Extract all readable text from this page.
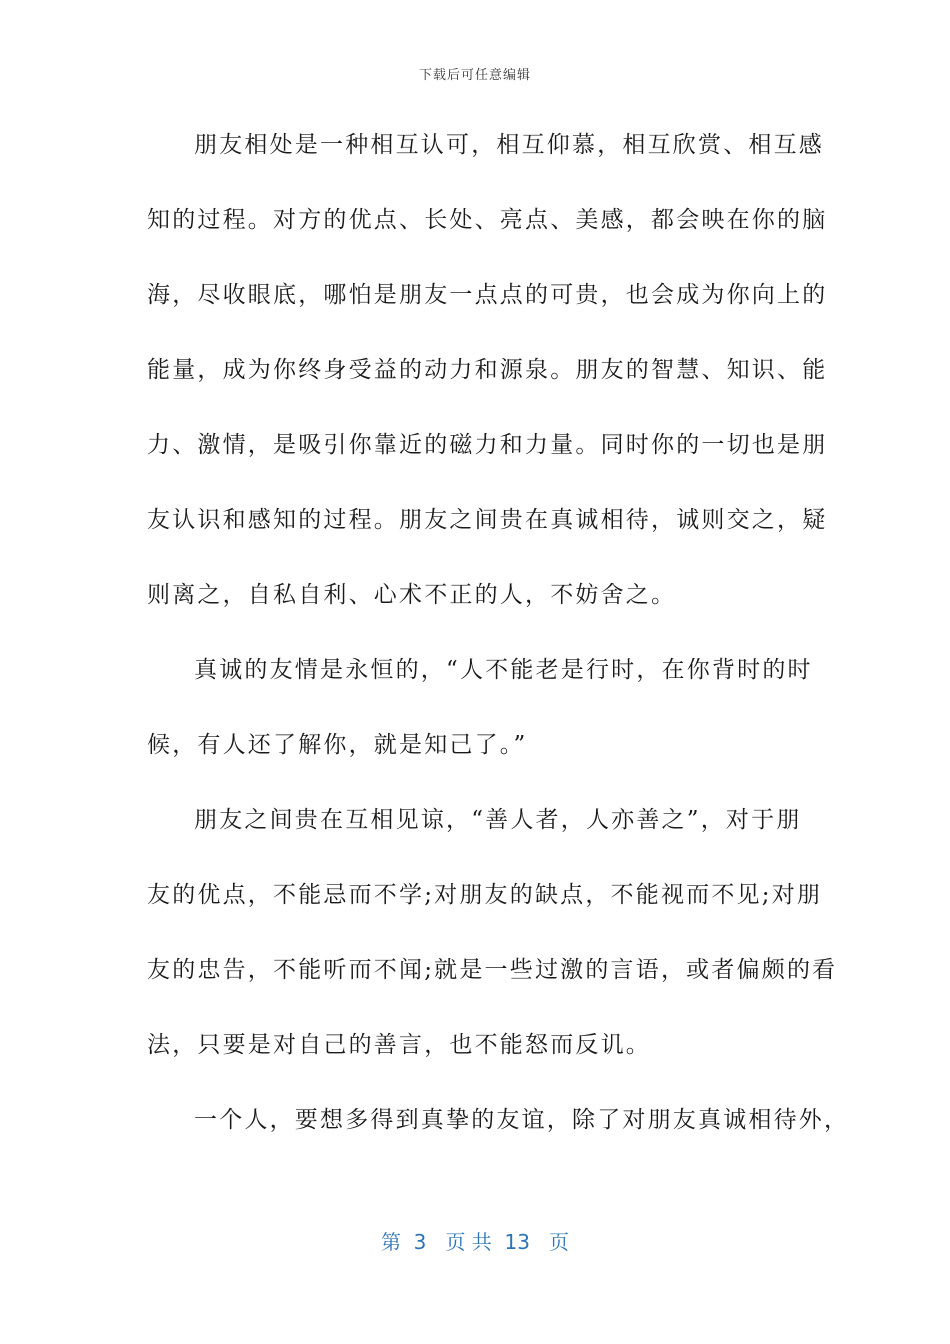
下载后可任意编辑
朋友相处是一种相互认可，相互仰慕，相互欣赏、相互感
知的过程。对方的优点、长处、亮点、美感，都会映在你的脑
海，尽收眼底，哪怕是朋友一点点的可贵，也会成为你向上的
能量，成为你终身受益的动力和源泉。朋友的智慧、知识、能
力、激情，是吸引你靠近的磁力和力量。同时你的一切也是朋
友认识和感知的过程。朋友之间贵在真诚相待，诚则交之，疑
则离之，自私自利、心术不正的人，不妨舍之。
真诚的友情是永恒的，“人不能老是行时，在你背时的时
候，有人还了解你，就是知己了。”
朋友之间贵在互相见谅，“善人者，人亦善之”，对于朋
友的优点，不能忌而不学;对朋友的缺点，不能视而不见;对朋
友的忠告，不能听而不闻;就是一些过激的言语，或者偏颇的看
法，只要是对自己的善言，也不能怒而反讥。
一个人，要想多得到真挚的友谊，除了对朋友真诚相待外，
第  3   页 共  13   页
